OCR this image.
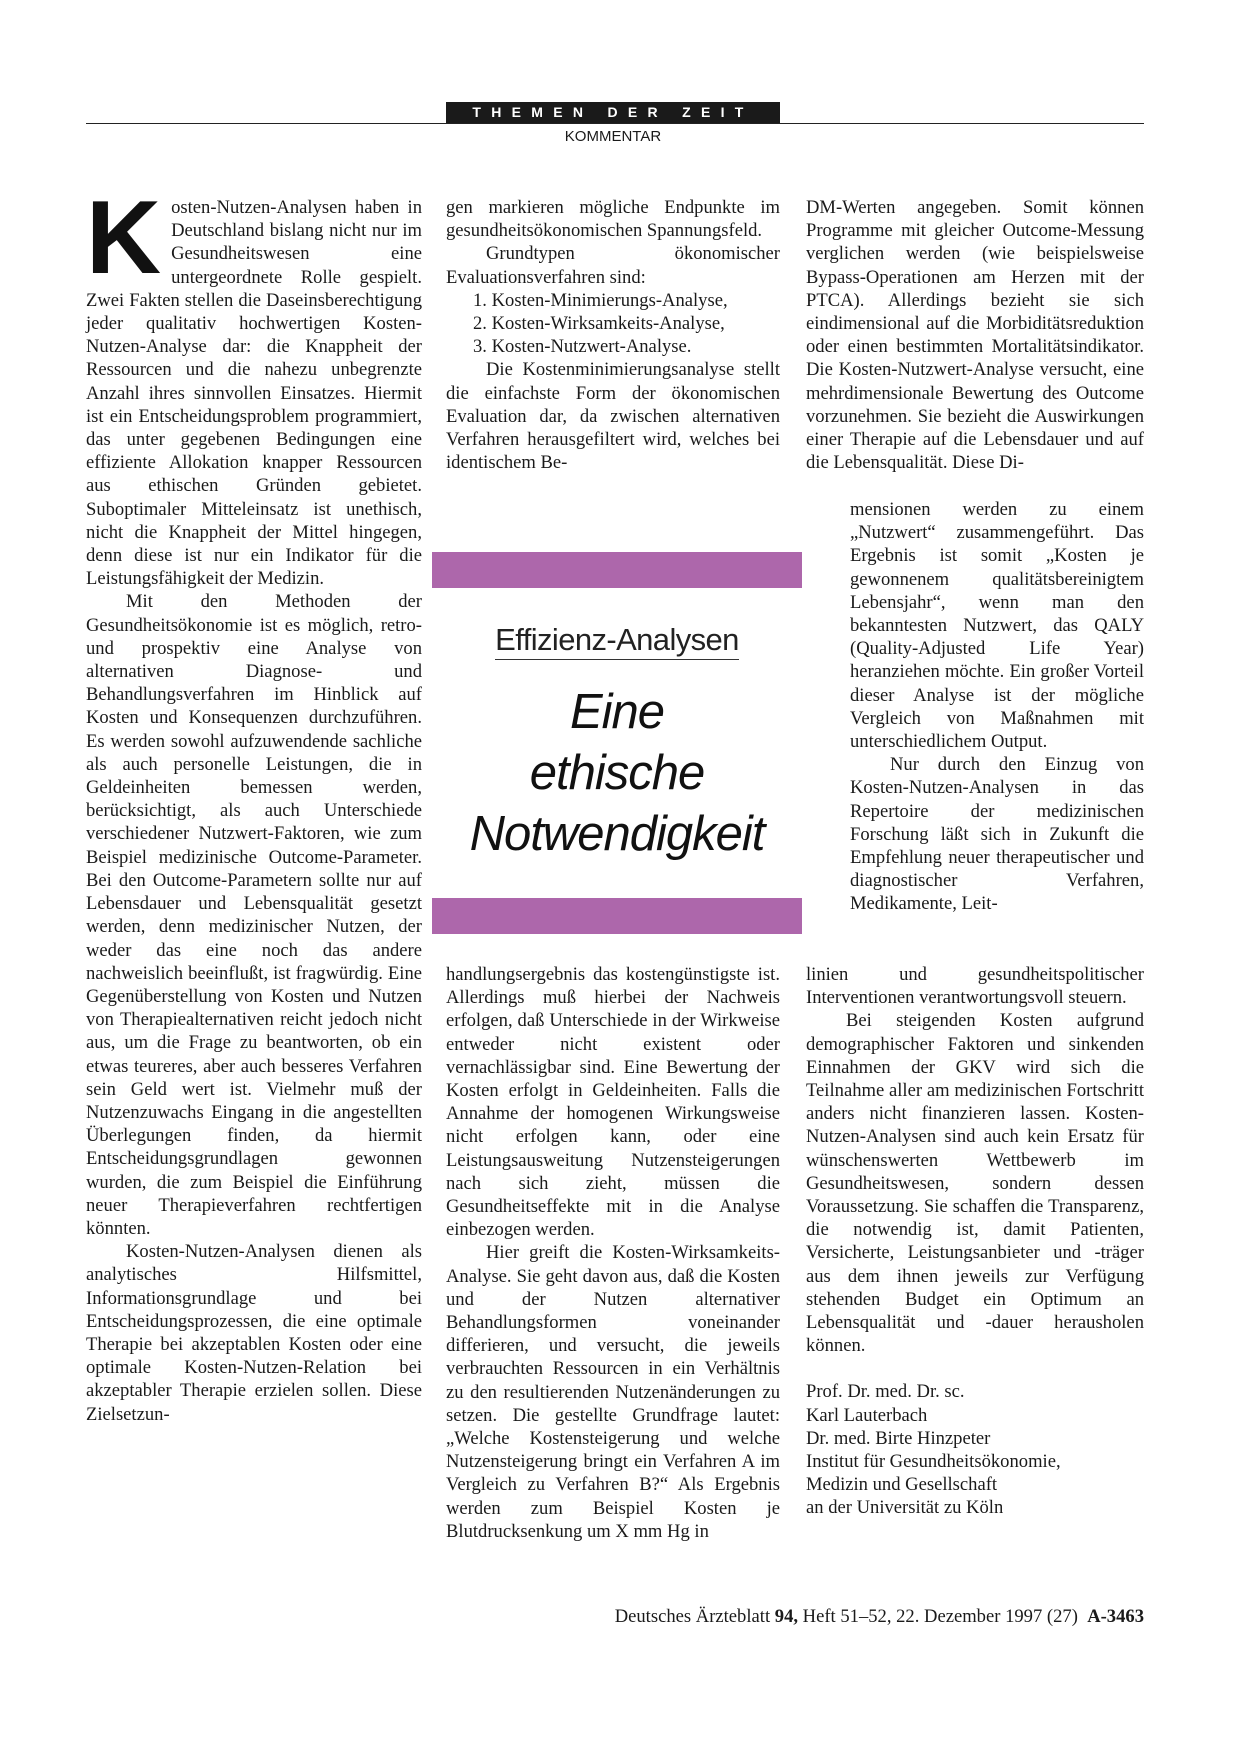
THEMEN DER ZEIT
KOMMENTAR
K osten-Nutzen-Analysen haben in Deutschland bislang nicht nur im Gesundheitswesen eine untergeordnete Rolle gespielt. Zwei Fakten stellen die Daseinsberechtigung jeder qualitativ hochwertigen Kosten-Nutzen-Analyse dar: die Knappheit der Ressourcen und die nahezu unbegrenzte Anzahl ihres sinnvollen Einsatzes. Hiermit ist ein Entscheidungsproblem programmiert, das unter gegebenen Bedingungen eine effiziente Allokation knapper Ressourcen aus ethischen Gründen gebietet. Suboptimaler Mitteleinsatz ist unethisch, nicht die Knappheit der Mittel hingegen, denn diese ist nur ein Indikator für die Leistungsfähigkeit der Medizin.

Mit den Methoden der Gesundheitsökonomie ist es möglich, retro- und prospektiv eine Analyse von alternativen Diagnose- und Behandlungsverfahren im Hinblick auf Kosten und Konsequenzen durchzuführen. Es werden sowohl aufzuwendende sachliche als auch personelle Leistungen, die in Geldeinheiten bemessen werden, berücksichtigt, als auch Unterschiede verschiedener Nutzwert-Faktoren, wie zum Beispiel medizinische Outcome-Parameter. Bei den Outcome-Parametern sollte nur auf Lebensdauer und Lebensqualität gesetzt werden, denn medizinischer Nutzen, der weder das eine noch das andere nachweislich beeinflußt, ist fragwürdig. Eine Gegenüberstellung von Kosten und Nutzen von Therapiealternativen reicht jedoch nicht aus, um die Frage zu beantworten, ob ein etwas teureres, aber auch besseres Verfahren sein Geld wert ist. Vielmehr muß der Nutzenzuwachs Eingang in die angestellten Überlegungen finden, da hiermit Entscheidungsgrundlagen gewonnen wurden, die zum Beispiel die Einführung neuer Therapieverfahren rechtfertigen könnten.

Kosten-Nutzen-Analysen dienen als analytisches Hilfsmittel, Informationsgrundlage und bei Entscheidungsprozessen, die eine optimale Therapie bei akzeptablen Kosten oder eine optimale Kosten-Nutzen-Relation bei akzeptabler Therapie erzielen sollen. Diese Zielsetzun-

gen markieren mögliche Endpunkte im gesundheitsökonomischen Spannungsfeld.

Grundtypen ökonomischer Evaluationsverfahren sind:

1. Kosten-Minimierungs-Analyse,
2. Kosten-Wirksamkeits-Analyse,
3. Kosten-Nutzwert-Analyse.

Die Kostenminimierungsanalyse stellt die einfachste Form der ökonomischen Evaluation dar, da zwischen alternativen Verfahren herausgefiltert wird, welches bei identischem Be-

Effizienz-Analysen
Eine
ethische
Notwendigkeit

handlungsergebnis das kostengünstigste ist. Allerdings muß hierbei der Nachweis erfolgen, daß Unterschiede in der Wirkweise entweder nicht existent oder vernachlässigbar sind. Eine Bewertung der Kosten erfolgt in Geldeinheiten. Falls die Annahme der homogenen Wirkungsweise nicht erfolgen kann, oder eine Leistungsausweitung Nutzensteigerungen nach sich zieht, müssen die Gesundheitseffekte mit in die Analyse einbezogen werden.

Hier greift die Kosten-Wirksamkeits-Analyse. Sie geht davon aus, daß die Kosten und der Nutzen alternativer Behandlungsformen voneinander differieren, und versucht, die jeweils verbrauchten Ressourcen in ein Verhältnis zu den resultierenden Nutzenänderungen zu setzen. Die gestellte Grundfrage lautet: „Welche Kostensteigerung und welche Nutzensteigerung bringt ein Verfahren A im Vergleich zu Verfahren B?“ Als Ergebnis werden zum Beispiel Kosten je Blutdrucksenkung um X mm Hg in

DM-Werten angegeben. Somit können Programme mit gleicher Outcome-Messung verglichen werden (wie beispielsweise Bypass-Operationen am Herzen mit der PTCA). Allerdings bezieht sie sich eindimensional auf die Morbiditätsreduktion oder einen bestimmten Mortalitätsindikator. Die Kosten-Nutzwert-Analyse versucht, eine mehrdimensionale Bewertung des Outcome vorzunehmen. Sie bezieht die Auswirkungen einer Therapie auf die Lebensdauer und auf die Lebensqualität. Diese Di-

mensionen werden zu einem „Nutzwert“ zusammengeführt. Das Ergebnis ist somit „Kosten je gewonnenem qualitätsbereinigtem Lebensjahr“, wenn man den bekanntesten Nutzwert, das QALY (Quality-Adjusted Life Year) heranziehen möchte. Ein großer Vorteil dieser Analyse ist der mögliche Vergleich von Maßnahmen mit unterschiedlichem Output.

Nur durch den Einzug von Kosten-Nutzen-Analysen in das Repertoire der medizinischen Forschung läßt sich in Zukunft die Empfehlung neuer therapeutischer und diagnostischer Verfahren, Medikamente, Leit-

linien und gesundheitspolitischer Interventionen verantwortungsvoll steuern.

Bei steigenden Kosten aufgrund demographischer Faktoren und sinkenden Einnahmen der GKV wird sich die Teilnahme aller am medizinischen Fortschritt anders nicht finanzieren lassen. Kosten-Nutzen-Analysen sind auch kein Ersatz für wünschenswerten Wettbewerb im Gesundheitswesen, sondern dessen Voraussetzung. Sie schaffen die Transparenz, die notwendig ist, damit Patienten, Versicherte, Leistungsanbieter und -träger aus dem ihnen jeweils zur Verfügung stehenden Budget ein Optimum an Lebensqualität und -dauer herausholen können.

Prof. Dr. med. Dr. sc.
Karl Lauterbach
Dr. med. Birte Hinzpeter
Institut für Gesundheitsökonomie,
Medizin und Gesellschaft
an der Universität zu Köln
Deutsches Ärzteblatt 94, Heft 51–52, 22. Dezember 1997 (27) A-3463
